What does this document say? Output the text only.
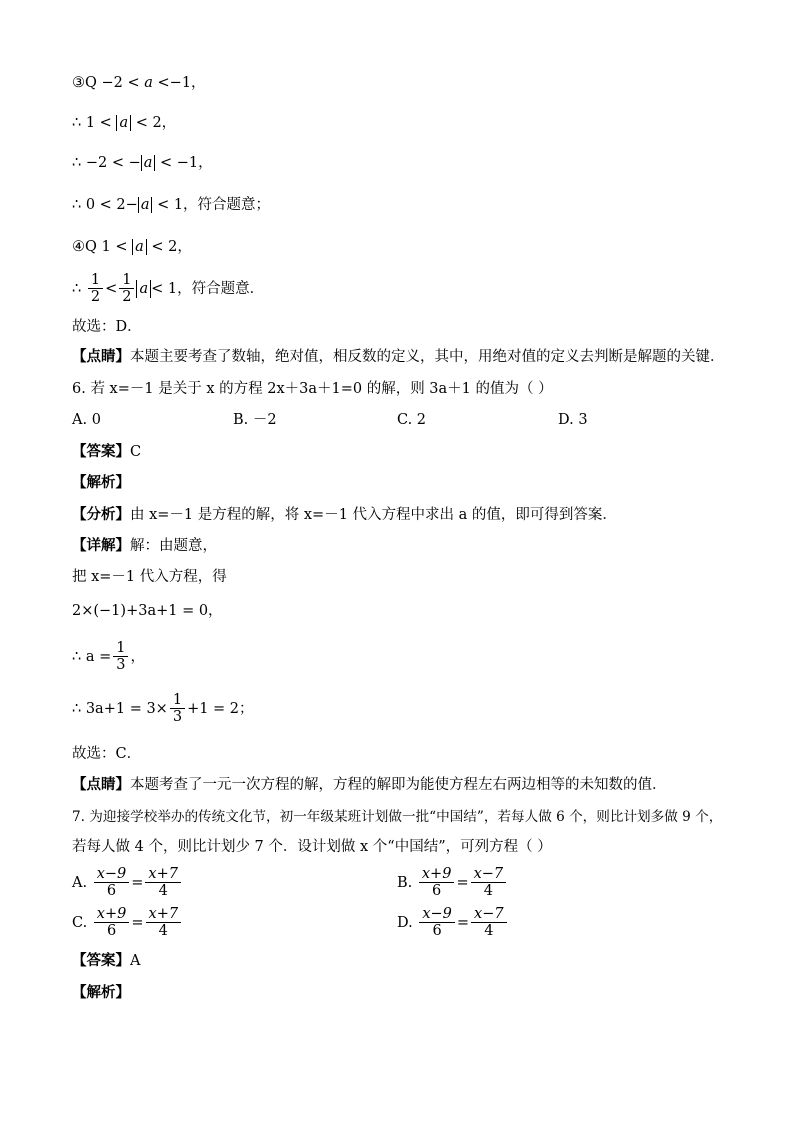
③Q −2 < a <−1，
∴ 1 < a < 2，
∴ −2 < − a < −1，
∴ 0 < 2− a < 1，符合题意；
④Q 1 < a < 2，
∴ $\frac{1}{2} < \frac{1}{2} a< 1$，符合题意．
故选：D．
【点睛】本题主要考查了数轴，绝对值，相反数的定义，其中，用绝对值的定义去判断是解题的关键．
6. 若 x=－1 是关于 x 的方程 2x＋3a＋1=0 的解，则 3a＋1 的值为（ ）
A. 0	B. －2	C. 2	D. 3
【答案】C
【解析】
【分析】由 x=－1 是方程的解，将 x=－1 代入方程中求出 a 的值，即可得到答案．
【详解】解：由题意，
把 x=－1 代入方程，得
2×(−1)+3a+1 = 0，
∴ $a = \frac{1}{3}$ ，
∴ $3a+1 = 3\times \frac{1}{3} +1 = 2$；
故选：C．
【点睛】本题考查了一元一次方程的解，方程的解即为能使方程左右两边相等的未知数的值．
7. 为迎接学校举办的传统文化节，初一年级某班计划做一批“中国结”，若每人做 6 个，则比计划多做 9 个，
若每人做 4 个，则比计划少 7 个．设计划做 x 个“中国结”，可列方程（ ）
A. $\frac{x-9}{6} = \frac{x+7}{4}$	B. $\frac{x+9}{6} = \frac{x-7}{4}$
C. $\frac{x+9}{6} = \frac{x+7}{4}$	D. $\frac{x-9}{6} = \frac{x-7}{4}$
【答案】A
【解析】
